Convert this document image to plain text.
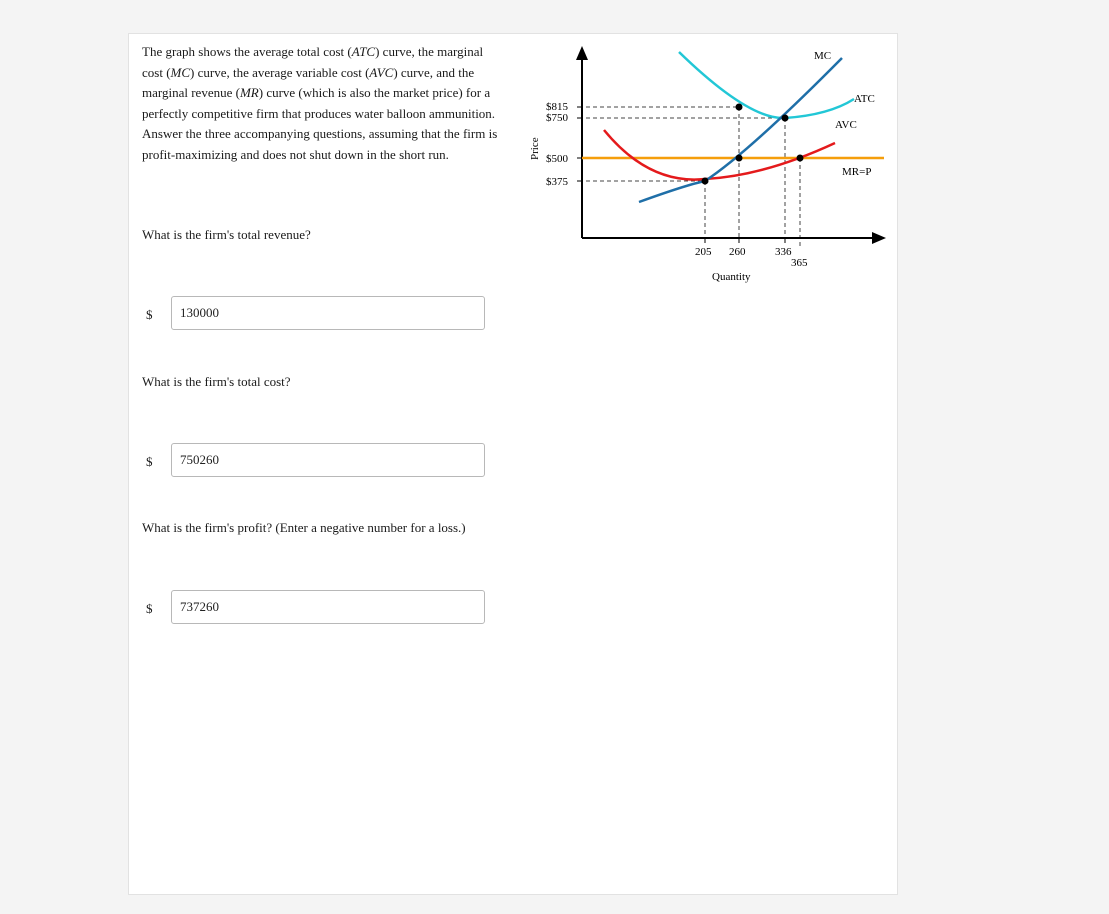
The graph shows the average total cost (ATC) curve, the marginal cost (MC) curve, the average variable cost (AVC) curve, and the marginal revenue (MR) curve (which is also the market price) for a perfectly competitive firm that produces water balloon ammunition. Answer the three accompanying questions, assuming that the firm is profit-maximizing and does not shut down in the short run.
What is the firm's total revenue?
$
130000
What is the firm's total cost?
$
750260
What is the firm's profit? (Enter a negative number for a loss.)
$
737260
Price
$815
$750
$500
$375
205 260	336
365
Quantity
MC
ATC
AVC
MR=P
